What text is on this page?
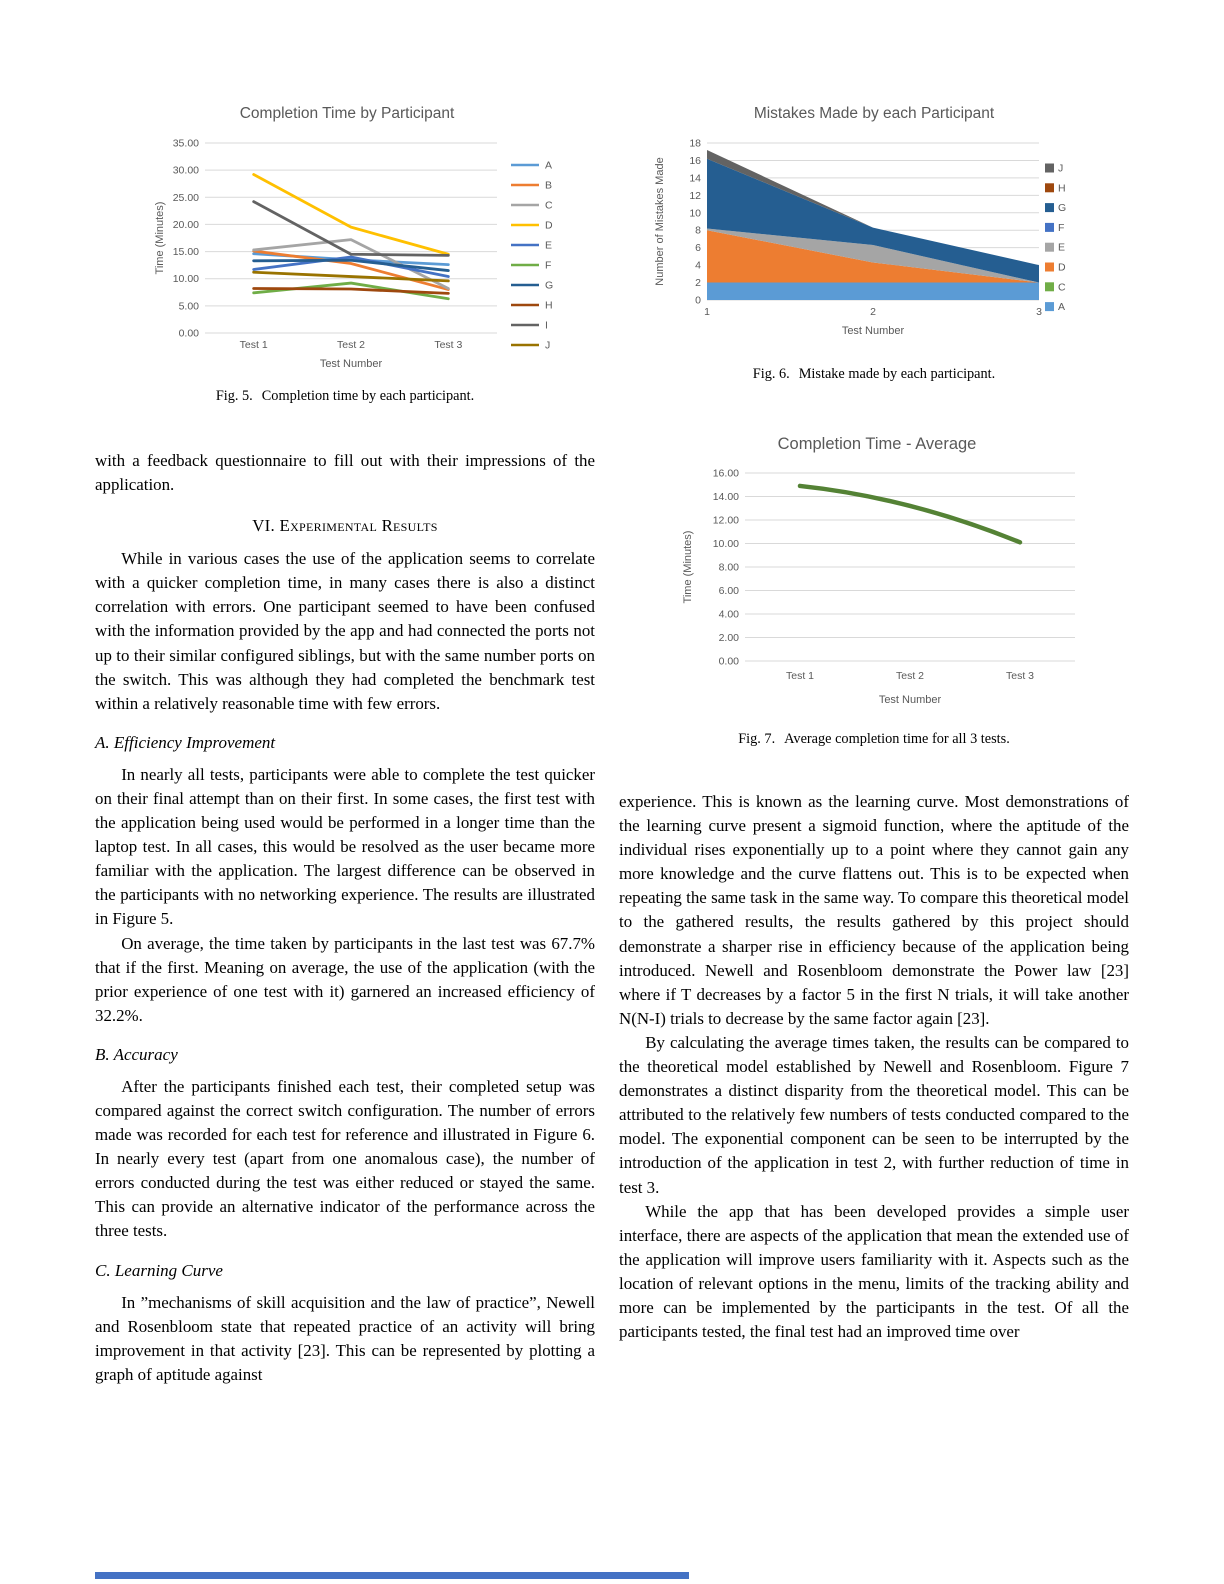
Completion Time by Participant
0.00
5.00
10.00
15.00
20.00
25.00
30.00
35.00
Test 1	Test 2	Test 3
Test Number
Time (Minutes)
A
B
C
D
E
F
G
H
I
J
Fig. 5. Completion time by each participant.

with a feedback questionnaire to fill out with their impressions of the application.

VI. Experimental Results

While in various cases the use of the application seems to correlate with a quicker completion time, in many cases there is also a distinct correlation with errors. One participant seemed to have been confused with the information provided by the app and had connected the ports not up to their similar configured siblings, but with the same number ports on the switch. This was although they had completed the benchmark test within a relatively reasonable time with few errors.

A. Efficiency Improvement

In nearly all tests, participants were able to complete the test quicker on their final attempt than on their first. In some cases, the first test with the application being used would be performed in a longer time than the laptop test. In all cases, this would be resolved as the user became more familiar with the application. The largest difference can be observed in the participants with no networking experience. The results are illustrated in Figure 5.

On average, the time taken by participants in the last test was 67.7% that if the first. Meaning on average, the use of the application (with the prior experience of one test with it) garnered an increased efficiency of 32.2%.

B. Accuracy

After the participants finished each test, their completed setup was compared against the correct switch configuration. The number of errors made was recorded for each test for reference and illustrated in Figure 6. In nearly every test (apart from one anomalous case), the number of errors conducted during the test was either reduced or stayed the same. This can provide an alternative indicator of the performance across the three tests.

C. Learning Curve

In ”mechanisms of skill acquisition and the law of practice”, Newell and Rosenbloom state that repeated practice of an activity will bring improvement in that activity [23]. This can be represented by plotting a graph of aptitude against

Mistakes Made by each Participant
0
2
4
6
8
10
12
14
16
18
1	2	3
Test Number
Number of Mistakes Made	J
H
G
F
E
D
C
A
Fig. 6. Mistake made by each participant.
Completion Time - Average
0.00
2.00
4.00
6.00
8.00
10.00
12.00
14.00
16.00
Test 1	Test 2	Test 3
Test Number
Time (Minutes)
Fig. 7. Average completion time for all 3 tests.

experience. This is known as the learning curve. Most demonstrations of the learning curve present a sigmoid function, where the aptitude of the individual rises exponentially up to a point where they cannot gain any more knowledge and the curve flattens out. This is to be expected when repeating the same task in the same way. To compare this theoretical model to the gathered results, the results gathered by this project should demonstrate a sharper rise in efficiency because of the application being introduced. Newell and Rosenbloom demonstrate the Power law [23] where if T decreases by a factor 5 in the first N trials, it will take another N(N-I) trials to decrease by the same factor again [23].

By calculating the average times taken, the results can be compared to the theoretical model established by Newell and Rosenbloom. Figure 7 demonstrates a distinct disparity from the theoretical model. This can be attributed to the relatively few numbers of tests conducted compared to the model. The exponential component can be seen to be interrupted by the introduction of the application in test 2, with further reduction of time in test 3.

While the app that has been developed provides a simple user interface, there are aspects of the application that mean the extended use of the application will improve users familiarity with it. Aspects such as the location of relevant options in the menu, limits of the tracking ability and more can be implemented by the participants in the test. Of all the participants tested, the final test had an improved time over
